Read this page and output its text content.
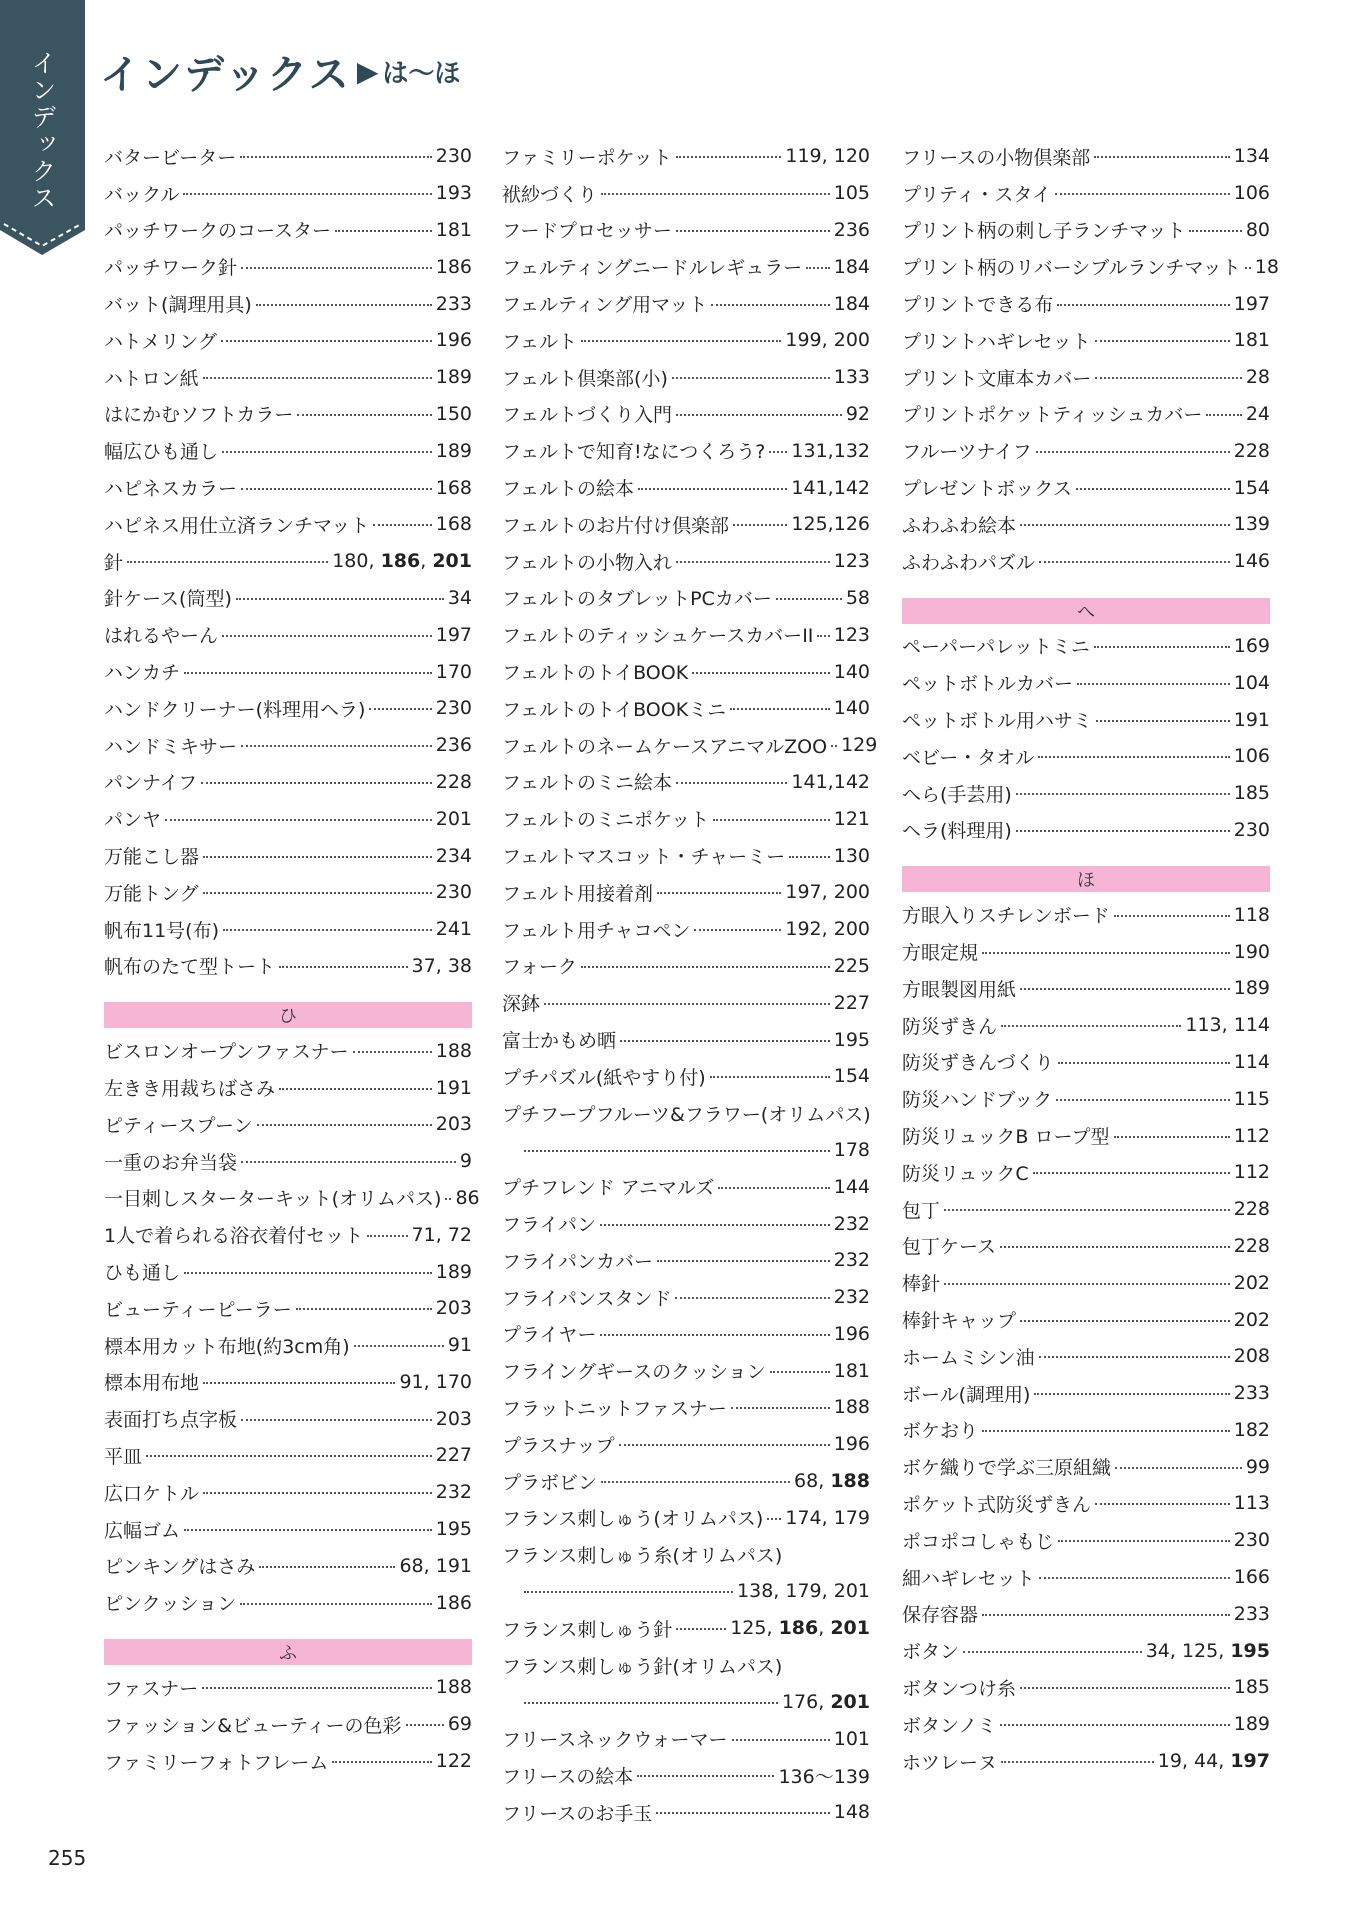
インデックス	インデックス ▶ は〜ほ
バタービーター	230
バックル	193
パッチワークのコースター	181
パッチワーク針	186
バット(調理用具)	233
ハトメリング	196
ハトロン紙	189
はにかむソフトカラー	150
幅広ひも通し	189
ハピネスカラー	168
ハピネス用仕立済ランチマット	168
針	180, 186, 201
針ケース(筒型)	34
はれるやーん	197
ハンカチ	170
ハンドクリーナー(料理用ヘラ)	230
ハンドミキサー	236
パンナイフ	228
パンヤ	201
万能こし器	234
万能トング	230
帆布11号(布)	241
帆布のたて型トート	37, 38
ひ
ビスロンオープンファスナー	188
左きき用裁ちばさみ	191
ピティースプーン	203
一重のお弁当袋	9
一目刺しスターターキット(オリムパス) 86
1人で着られる浴衣着付セット	71, 72
ひも通し	189
ビューティーピーラー	203
標本用カット布地(約3cm角)	91
標本用布地	91, 170
表面打ち点字板	203
平皿	227
広口ケトル	232
広幅ゴム	195
ピンキングはさみ	68, 191
ピンクッション	186
ふ
ファスナー	188
ファッション&ビューティーの色彩 69
ファミリーフォトフレーム	122
ファミリーポケット	119, 120
袱紗づくり	105
フードプロセッサー	236
フェルティングニードルレギュラー 184
フェルティング用マット	184
フェルト	199, 200
フェルト倶楽部(小)	133
フェルトづくり入門	92
フェルトで知育!なにつくろう? 131,132
フェルトの絵本	141,142
フェルトのお片付け倶楽部	125,126
フェルトの小物入れ	123
フェルトのタブレットPCカバー	58
フェルトのティッシュケースカバーII 123
フェルトのトイBOOK	140
フェルトのトイBOOKミニ	140
フェルトのネームケースアニマルZOO 129
フェルトのミニ絵本	141,142
フェルトのミニポケット	121
フェルトマスコット・チャーミー	130
フェルト用接着剤	197, 200
フェルト用チャコペン	192, 200
フォーク	225
深鉢	227
富士かもめ晒	195
プチパズル(紙やすり付)	154
プチフープフルーツ&フラワー(オリムパス)
178
プチフレンド アニマルズ	144
フライパン	232
フライパンカバー	232
フライパンスタンド	232
プライヤー	196
フライングギースのクッション	181
フラットニットファスナー	188
プラスナップ	196
プラボビン	68, 188
フランス刺しゅう(オリムパス) 174, 179
フランス刺しゅう糸(オリムパス)
138, 179, 201
フランス刺しゅう針	125, 186, 201
フランス刺しゅう針(オリムパス)
176, 201
フリースネックウォーマー	101
フリースの絵本	136〜139
フリースのお手玉	148
フリースの小物倶楽部	134
プリティ・スタイ	106
プリント柄の刺し子ランチマット	80
プリント柄のリバーシブルランチマット 18
プリントできる布	197
プリントハギレセット	181
プリント文庫本カバー	28
プリントポケットティッシュカバー 24
フルーツナイフ	228
プレゼントボックス	154
ふわふわ絵本	139
ふわふわパズル	146
へ
ペーパーパレットミニ	169
ペットボトルカバー	104
ペットボトル用ハサミ	191
ベビー・タオル	106
へら(手芸用)	185
ヘラ(料理用)	230
ほ
方眼入りスチレンボード	118
方眼定規	190
方眼製図用紙	189
防災ずきん	113, 114
防災ずきんづくり	114
防災ハンドブック	115
防災リュックB ロープ型	112
防災リュックC	112
包丁	228
包丁ケース	228
棒針	202
棒針キャップ	202
ホームミシン油	208
ボール(調理用)	233
ボケおり	182
ボケ織りで学ぶ三原組織	99
ポケット式防災ずきん	113
ポコポコしゃもじ	230
細ハギレセット	166
保存容器	233
ボタン	34, 125, 195
ボタンつけ糸	185
ボタンノミ	189
ホツレーヌ	19, 44, 197
255
